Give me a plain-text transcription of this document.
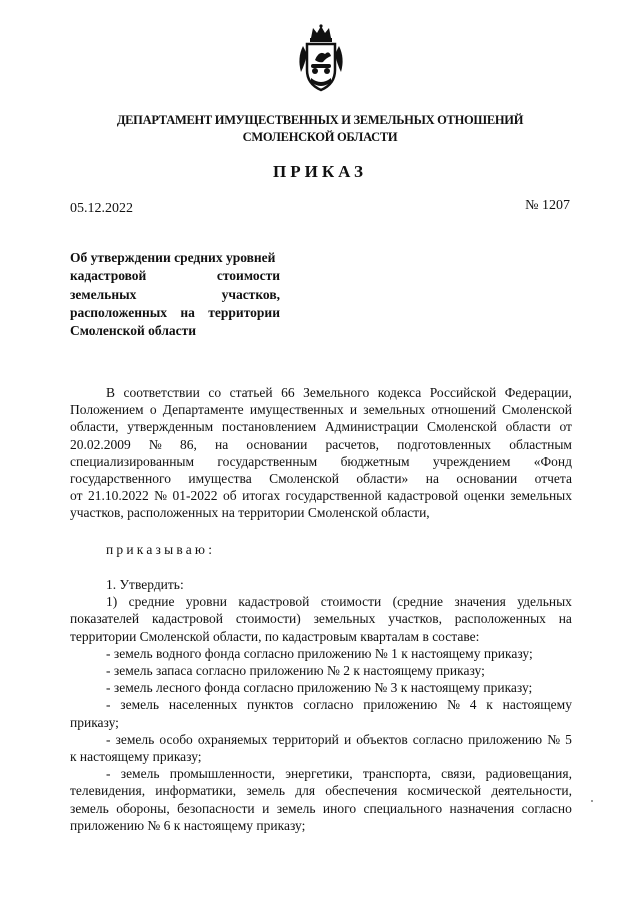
ДЕПАРТАМЕНТ ИМУЩЕСТВЕННЫХ И ЗЕМЕЛЬНЫХ ОТНОШЕНИЙ
СМОЛЕНСКОЙ ОБЛАСТИ
ПРИКАЗ
05.12.2022	№ 1207
Об утверждении средних уровней
кадастровой	стоимости
земельных	участков,
расположенных на территории
Смоленской области
В соответствии со статьей 66 Земельного кодекса Российской Федерации,
Положением о Департаменте имущественных и земельных отношений Смоленской
области, утвержденным постановлением Администрации Смоленской области от
20.02.2009 № 86, на основании расчетов, подготовленных областным
специализированным государственным бюджетным учреждением «Фонд
государственного имущества Смоленской области» на основании отчета
от 21.10.2022 № 01-2022 об итогах государственной кадастровой оценки земельных
участков, расположенных на территории Смоленской области,
приказываю:
1. Утвердить:
1) средние уровни кадастровой стоимости (средние значения удельных
показателей кадастровой стоимости) земельных участков, расположенных на
территории Смоленской области, по кадастровым кварталам в составе:
- земель водного фонда согласно приложению № 1 к настоящему приказу;
- земель запаса согласно приложению № 2 к настоящему приказу;
- земель лесного фонда согласно приложению № 3 к настоящему приказу;
- земель населенных пунктов согласно приложению № 4 к настоящему
приказу;
- земель особо охраняемых территорий и объектов согласно приложению № 5
к настоящему приказу;
- земель промышленности, энергетики, транспорта, связи, радиовещания,
телевидения, информатики, земель для обеспечения космической деятельности,
земель обороны, безопасности и земель иного специального назначения согласно
приложению № 6 к настоящему приказу;
